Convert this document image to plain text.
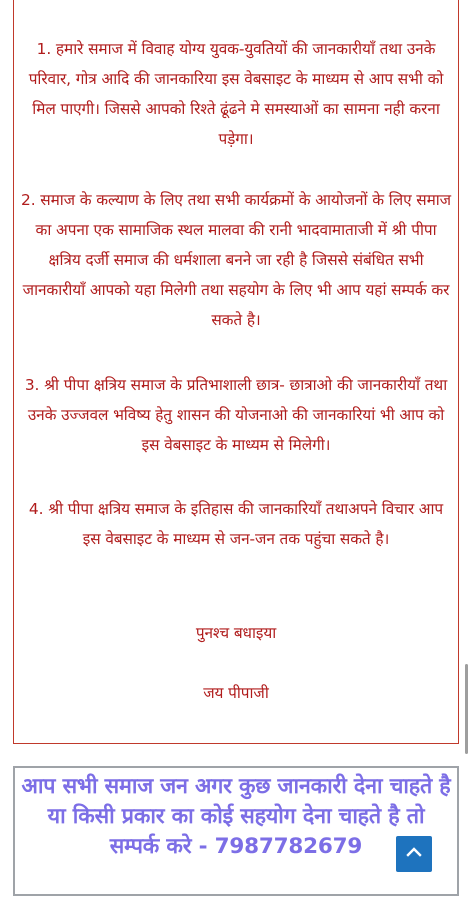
1. हमारे समाज में विवाह योग्य युवक-युवतियों की जानकारीयाँ तथा उनके परिवार, गोत्र आदि की जानकारिया इस वेबसाइट के माध्यम से आप सभी को मिल पाएगी। जिससे आपको रिश्ते ढूंढने मे समस्याओं का सामना नही करना पड़ेगा।
2. समाज के कल्याण के लिए तथा सभी कार्यक्रमों के आयोजनों के लिए समाज का अपना एक सामाजिक स्थल मालवा की रानी भादवामाताजी में श्री पीपा क्षत्रिय दर्जी समाज की धर्मशाला बनने जा रही है जिससे संबंधित सभी जानकारीयाँ आपको यहा मिलेगी तथा सहयोग के लिए भी आप यहां सम्पर्क कर सकते है।
3. श्री पीपा क्षत्रिय समाज के प्रतिभाशाली छात्र- छात्राओ की जानकारीयाँ तथा उनके उज्जवल भविष्य हेतु शासन की योजनाओ की जानकारियां भी आप को इस वेबसाइट के माध्यम से मिलेगी।
4. श्री पीपा क्षत्रिय समाज के इतिहास की जानकारियाँ तथाअपने विचार आप इस वेबसाइट के माध्यम से जन-जन तक पहुंचा सकते है।
पुनश्च बधाइया
जय पीपाजी
आप सभी समाज जन अगर कुछ जानकारी देना चाहते है या किसी प्रकार का कोई सहयोग देना चाहते है तो सम्पर्क करे - 7987782679
